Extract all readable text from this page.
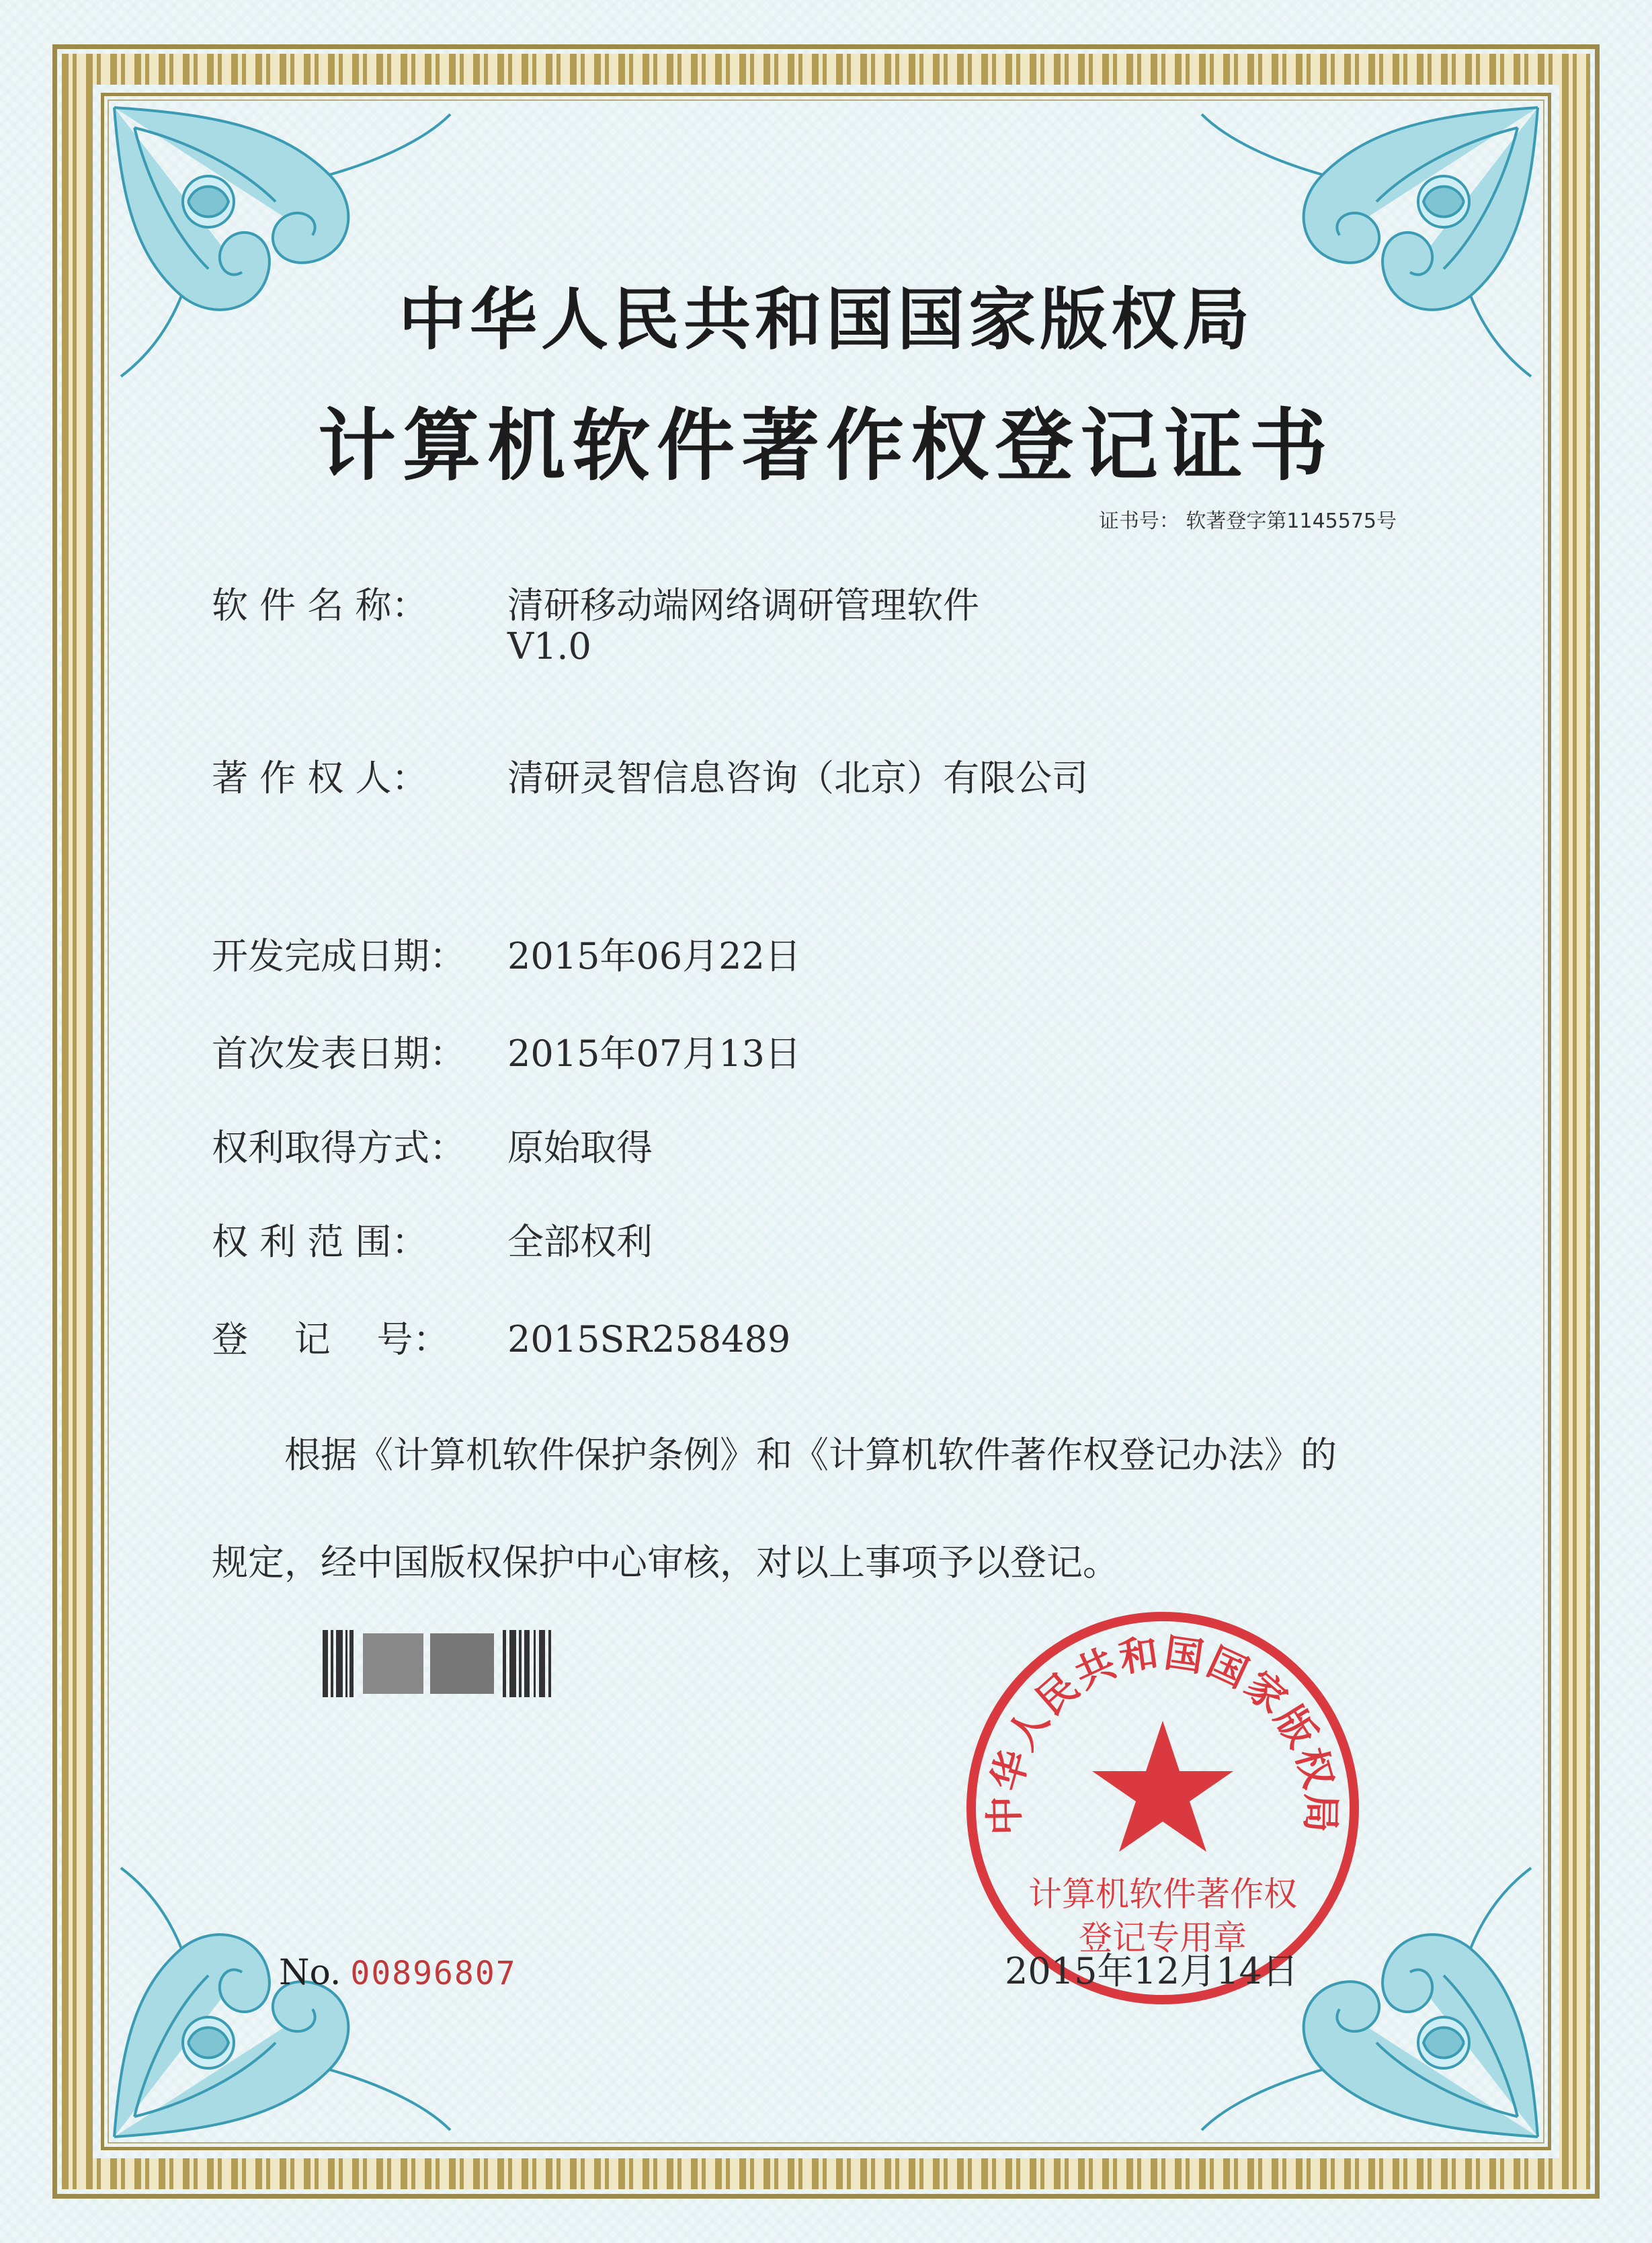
中华人民共和国国家版权局
计算机软件著作权登记证书
证书号： 软著登字第1145575号
软 件 名 称： 清研移动端网络调研管理软件
V1.0
著 作 权 人： 清研灵智信息咨询（北京）有限公司
开发完成日期： 2015年06月22日
首次发表日期： 2015年07月13日
权利取得方式： 原始取得
权 利 范 围： 全部权利
登    记    号： 2015SR258489
根据《计算机软件保护条例》和《计算机软件著作权登记办法》的
规定，经中国版权保护中心审核，对以上事项予以登记。
中华人民共和国国家版权局
计算机软件著作权
登记专用章
No. 00896807	2015年12月14日
